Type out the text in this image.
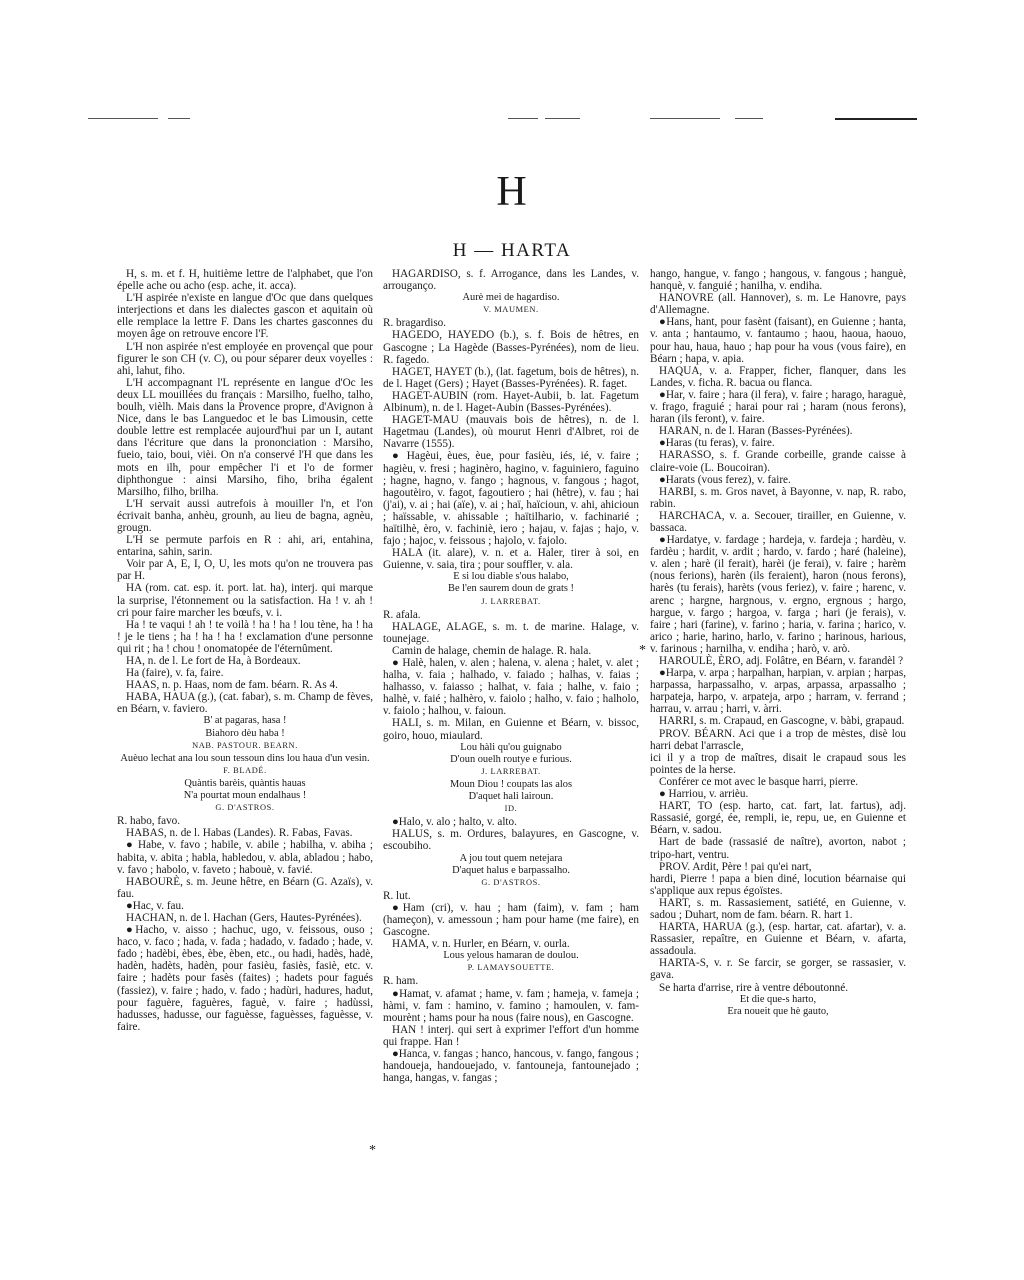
H
H — HARTA

H, s. m. et f. H, huitième lettre de l'alphabet, que l'on épelle ache ou acho (esp. ache, it. acca).

L'H aspirée n'existe en langue d'Oc que dans quelques interjections et dans les dialectes gascon et aquitain où elle remplace la lettre F. Dans les chartes gasconnes du moyen âge on retrouve encore l'F.

L'H non aspirée n'est employée en provençal que pour figurer le son CH (v. C), ou pour séparer deux voyelles : ahi, lahut, fiho.

L'H accompagnant l'L représente en langue d'Oc les deux LL mouillées du français : Marsilho, fuelho, talho, boulh, vièlh. Mais dans la Provence propre, d'Avignon à Nice, dans le bas Languedoc et le bas Limousin, cette double lettre est remplacée aujourd'hui par un I, autant dans l'écriture que dans la prononciation : Marsiho, fueio, taio, boui, vièi. On n'a conservé l'H que dans les mots en ilh, pour empêcher l'i et l'o de former diphthongue : ainsi Marsiho, fiho, briha égalent Marsilho, filho, brilha.

L'H servait aussi autrefois à mouiller l'n, et l'on écrivait banha, anhèu, grounh, au lieu de bagna, agnèu, grougn.

L'H se permute parfois en R : ahi, ari, entahina, entarina, sahin, sarin.

Voir par A, E, I, O, U, les mots qu'on ne trouvera pas par H.

HA (rom. cat. esp. it. port. lat. ha), interj. qui marque la surprise, l'étonnement ou la satisfaction. Ha ! v. ah ! cri pour faire marcher les bœufs, v. i.

Ha ! te vaqui ! ah ! te voilà ! ha ! ha ! lou tène, ha ! ha ! je le tiens ; ha ! ha ! ha ! exclamation d'une personne qui rit ; ha ! chou ! onomatopée de l'éternûment.

HA, n. de l. Le fort de Ha, à Bordeaux.

Ha (faire), v. fa, faire.

HAAS, n. p. Haas, nom de fam. béarn. R. As 4.

HABA, HAUA (g.), (cat. fabar), s. m. Champ de fèves, en Béarn, v. faviero.

B' at pagaras, hasa !

Biahoro dèu haba !

NAB. PASTOUR. BEARN.

Auèuo lechat ana lou soun tessoun dins lou haua d'un vesin.

F. BLADÉ.

Quàntis barèis, quàntis hauas

N'a pourtat moun endalhaus !

G. D'ASTROS.

R. habo, favo.

HABAS, n. de l. Habas (Landes). R. Fabas, Favas.

● Habe, v. favo ; habile, v. abile ; habilha, v. abiha ; habita, v. abita ; habla, habledou, v. abla, abladou ; habo, v. favo ; habolo, v. faveto ; habouè, v. favié.

HABOURÈ, s. m. Jeune hêtre, en Béarn (G. Azaïs), v. fau.

●Hac, v. fau.

HACHAN, n. de l. Hachan (Gers, Hautes-Pyrénées).

●Hacho, v. aisso ; hachuc, ugo, v. feissous, ouso ; haco, v. faco ; hada, v. fada ; hadado, v. fadado ; hade, v. fado ; hadèbi, èbes, èbe, èben, etc., ou hadi, hadès, hadè, hadèn, hadèts, hadèn, pour fasièu, fasiès, fasiè, etc. v. faire ; hadèts pour fasès (faites) ; hadets pour fagués (fassiez), v. faire ; hado, v. fado ; hadùri, hadures, hadut, pour faguère, faguères, faguè, v. faire ; hadùssi, hadusses, hadusse, our faguèsse, faguèsses, faguèsse, v. faire.

HAGARDISO, s. f. Arrogance, dans les Landes, v. arrouganço.

Aurè mei de hagardiso.

V. MAUMEN.

R. bragardiso.

HAGEDO, HAYEDO (b.), s. f. Bois de hêtres, en Gascogne ; La Hagède (Basses-Pyrénées), nom de lieu. R. fagedo.

HAGET, HAYET (b.), (lat. fagetum, bois de hêtres), n. de l. Haget (Gers) ; Hayet (Basses-Pyrénées). R. faget.

HAGET-AUBIN (rom. Hayet-Aubii, b. lat. Fagetum Albinum), n. de l. Haget-Aubin (Basses-Pyrénées).

HAGET-MAU (mauvais bois de hêtres), n. de l. Hagetmau (Landes), où mourut Henri d'Albret, roi de Navarre (1555).

● Hagèui, èues, èue, pour fasièu, iés, ié, v. faire ; hagièu, v. fresi ; haginèro, hagino, v. faguiniero, faguino ; hagne, hagno, v. fango ; hagnous, v. fangous ; hagot, hagoutèiro, v. fagot, fagoutiero ; hai (hêtre), v. fau ; hai (j'ai), v. ai ; hai (aïe), v. ai ; haï, haïcioun, v. ahi, ahicioun ; haïssable, v. ahissable ; haïtilhario, v. fachinarié ; haïtilhè, èro, v. fachiniè, iero ; hajau, v. fajas ; hajo, v. fajo ; hajoc, v. feissous ; hajolo, v. fajolo.

HALA (it. alare), v. n. et a. Haler, tirer à soi, en Guienne, v. saia, tira ; pour souffler, v. ala.

E si lou diable s'ous halabo,

Be l'en saurem doun de grats !

J. LARREBAT.

R. afala.

HALAGE, ALAGE, s. m. t. de marine. Halage, v. tounejage.

Camin de halage, chemin de halage. R. hala.

● Halè, halen, v. alen ; halena, v. alena ; halet, v. alet ; halha, v. faia ; halhado, v. faiado ; halhas, v. faias ; halhasso, v. faiasso ; halhat, v. faia ; halhe, v. faio ; halhè, v. faié ; halhèro, v. faiolo ; halho, v. faio ; halholo, v. faiolo ; halhou, v. faioun.

HALI, s. m. Milan, en Guienne et Béarn, v. bissoc, goiro, houo, miaulard.

Lou hàli qu'ou guignabo

D'oun ouelh routye e furious.

J. LARREBAT.

Moun Diou ! coupats las alos

D'aquet hali lairoun.

ID.

●Halo, v. alo ; halto, v. alto.

HALUS, s. m. Ordures, balayures, en Gascogne, v. escoubiho.

A jou tout quem netejara

D'aquet halus e barpassalho.

G. D'ASTROS.

R. lut.

●Ham (cri), v. hau ; ham (faim), v. fam ; ham (hameçon), v. amessoun ; ham pour hame (me faire), en Gascogne.

HAMA, v. n. Hurler, en Béarn, v. ourla.

Lous yelous hamaran de doulou.

P. LAMAYSOUETTE.

R. ham.

●Hamat, v. afamat ; hame, v. fam ; hameja, v. fameja ; hàmi, v. fam : hamino, v. famino ; hamoulen, v. fam-mourènt ; hams pour ha nous (faire nous), en Gascogne.

HAN ! interj. qui sert à exprimer l'effort d'un homme qui frappe. Han !

●Hanca, v. fangas ; hanco, hancous, v. fango, fangous ; handoueja, handouejado, v. fantouneja, fantounejado ; hanga, hangas, v. fangas ;

hango, hangue, v. fango ; hangous, v. fangous ; hanguè, hanquè, v. fanguié ; hanilha, v. endiha.

HANOVRE (all. Hannover), s. m. Le Hanovre, pays d'Allemagne.

●Hans, hant, pour fasènt (faisant), en Guienne ; hanta, v. anta ; hantaumo, v. fantaumo ; haou, haoua, haouo, pour hau, haua, hauo ; hap pour ha vous (vous faire), en Béarn ; hapa, v. apia.

HAQUA, v. a. Frapper, ficher, flanquer, dans les Landes, v. ficha. R. bacua ou flanca.

●Har, v. faire ; hara (il fera), v. faire ; harago, haraguè, v. frago, fraguié ; harai pour rai ; haram (nous ferons), haran (ils feront), v. faire.

HARAN, n. de l. Haran (Basses-Pyrénées).

●Haras (tu feras), v. faire.

HARASSO, s. f. Grande corbeille, grande caisse à claire-voie (L. Boucoiran).

●Harats (vous ferez), v. faire.

HARBI, s. m. Gros navet, à Bayonne, v. nap, R. rabo, rabin.

HARCHACA, v. a. Secouer, tirailler, en Guienne, v. bassaca.

●Hardatye, v. fardage ; hardeja, v. fardeja ; hardèu, v. fardèu ; hardit, v. ardit ; hardo, v. fardo ; haré (haleine), v. alen ; harè (il ferait), harèi (je ferai), v. faire ; harèm (nous ferions), harèn (ils feraient), haron (nous ferons), harès (tu ferais), harèts (vous feriez), v. faire ; harenc, v. arenc ; hargne, hargnous, v. ergno, ergnous ; hargo, hargue, v. fargo ; hargoa, v. farga ; hari (je ferais), v. faire ; hari (farine), v. farino ; haria, v. farina ; harico, v. arico ; harie, harino, harlo, v. farino ; harinous, harious, v. farinous ; harnilha, v. endiha ; harò, v. arò.

HAROULÈ, ÈRO, adj. Folâtre, en Béarn, v. farandèl ?

●Harpa, v. arpa ; harpalhan, harpian, v. arpian ; harpas, harpassa, harpassalho, v. arpas, arpassa, arpassalho ; harpateja, harpo, v. arpateja, arpo ; harram, v. ferrand ; harrau, v. arrau ; harri, v. àrri.

HARRI, s. m. Crapaud, en Gascogne, v. bàbi, grapaud.

PROV. BÉARN. Aci que i a trop de mèstes, disè lou harri debat l'arrascle,

ici il y a trop de maîtres, disait le crapaud sous les pointes de la herse.

Conférer ce mot avec le basque harri, pierre.

● Harriou, v. arrièu.

HART, TO (esp. harto, cat. fart, lat. fartus), adj. Rassasié, gorgé, ée, rempli, ie, repu, ue, en Guienne et Béarn, v. sadou.

Hart de bade (rassasié de naître), avorton, nabot ; tripo-hart, ventru.

PROV. Ardit, Père ! pai qu'ei nart,

hardi, Pierre ! papa a bien diné, locution béarnaise qui s'applique aux repus égoïstes.

HART, s. m. Rassasiement, satiété, en Guienne, v. sadou ; Duhart, nom de fam. béarn. R. hart 1.

HARTA, HARUA (g.), (esp. hartar, cat. afartar), v. a. Rassasier, repaître, en Guienne et Béarn, v. afarta, assadoula.

HARTA-S, v. r. Se farcir, se gorger, se rassasier, v. gava.

Se harta d'arrise, rire à ventre déboutonné.

Et die que-s harto,

Era noueit que hè gauto,

*
*
